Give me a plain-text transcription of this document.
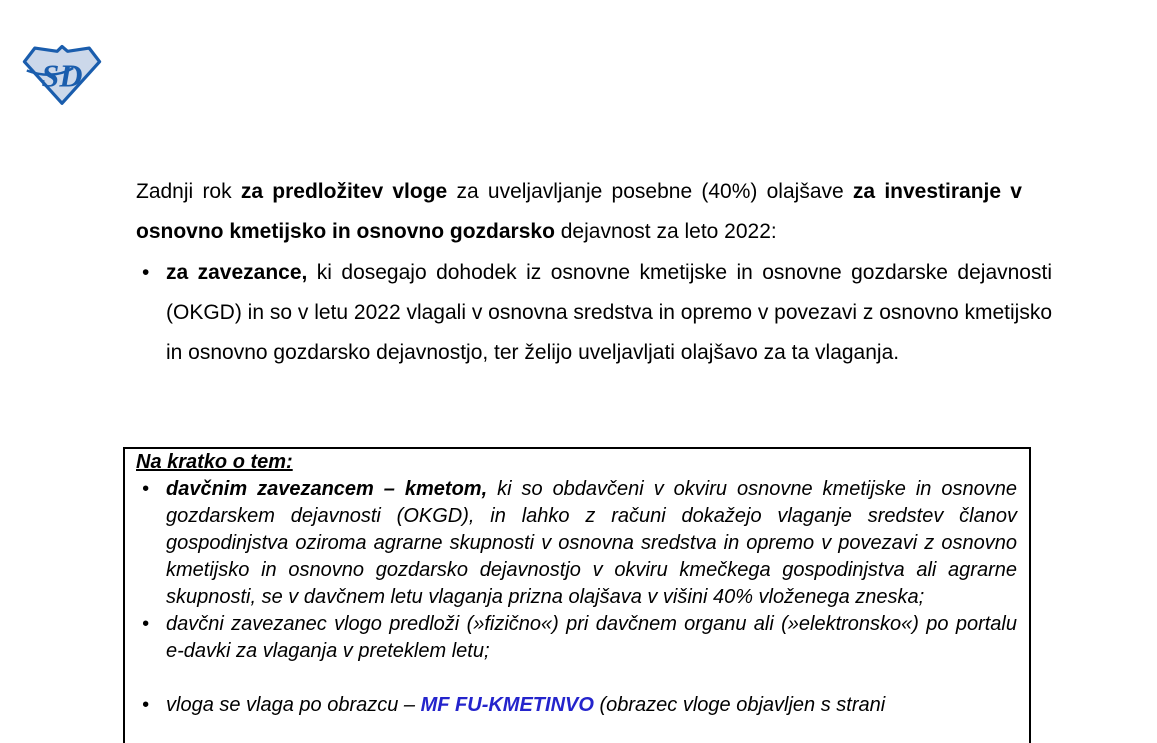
SD

Zadnji rok za predložitev vloge za uveljavljanje posebne (40%) olajšave za investiranje v osnovno kmetijsko in osnovno gozdarsko dejavnost za leto 2022:

• za zavezance, ki dosegajo dohodek iz osnovne kmetijske in osnovne gozdarske dejavnosti (OKGD) in so v letu 2022 vlagali v osnovna sredstva in opremo v povezavi z osnovno kmetijsko in osnovno gozdarsko dejavnostjo, ter želijo uveljavljati olajšavo za ta vlaganja.
Na kratko o tem:
• davčnim zavezancem – kmetom, ki so obdavčeni v okviru osnovne kmetijske in osnovne gozdarskem dejavnosti (OKGD), in lahko z računi dokažejo vlaganje sredstev članov gospodinjstva oziroma agrarne skupnosti v osnovna sredstva in opremo v povezavi z osnovno kmetijsko in osnovno gozdarsko dejavnostjo v okviru kmečkega gospodinjstva ali agrarne skupnosti, se v davčnem letu vlaganja prizna olajšava v višini 40% vloženega zneska;
• davčni zavezanec vlogo predloži (»fizično«) pri davčnem organu ali (»elektronsko«) po portalu e-davki za vlaganja v preteklem letu;
• vloga se vlaga po obrazcu – MF FU-KMETINVO (obrazec vloge objavljen s strani
